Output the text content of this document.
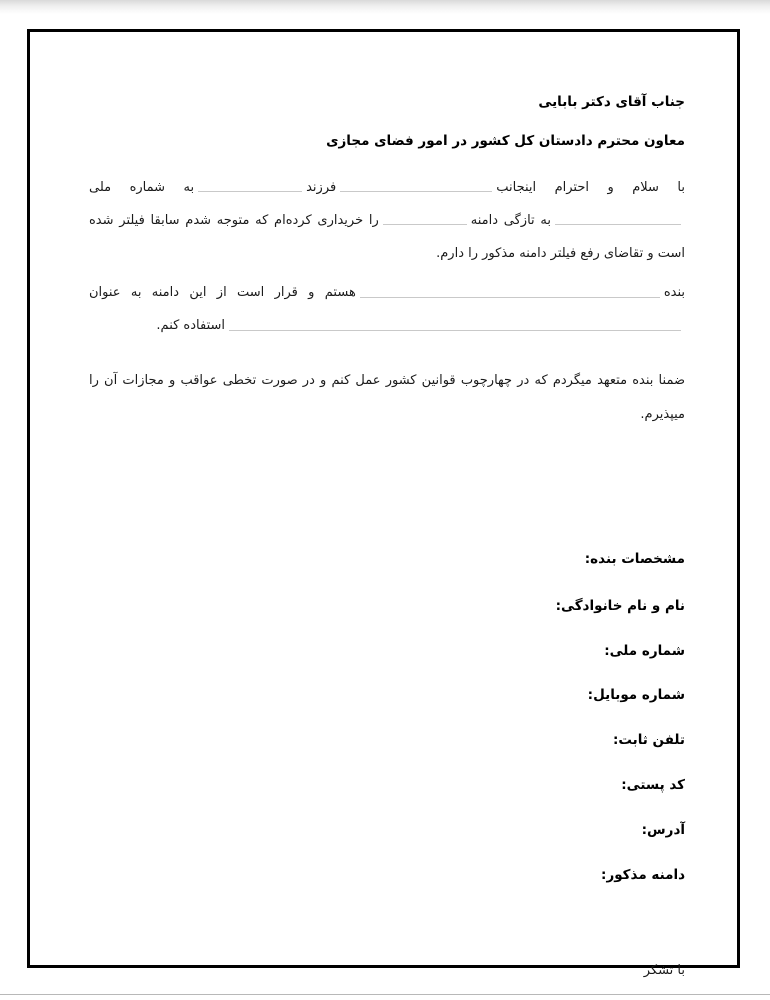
جناب آقای دکتر بابایی
معاون محترم دادستان کل کشور در امور فضای مجازی

با سلام و احترام اینجانبفرزندبه شماره ملیبه تازگی دامنهرا خریداری کرده‌ام که متوجه شدم سابقا فیلتر شده است و تقاضای رفع فیلتر دامنه مذکور را دارم.

بندههستم و قرار است از این دامنه به عنواناستفاده کنم.

ضمنا بنده متعهد میگردم که در چهارچوب قوانین کشور عمل کنم و در صورت تخطی عواقب و مجازات آن را میپذیرم.

مشخصات بنده:
نام و نام خانوادگی:
شماره ملی:
شماره موبایل:
تلفن ثابت:
کد پستی:
آدرس:
دامنه مذکور:
با تشکر
